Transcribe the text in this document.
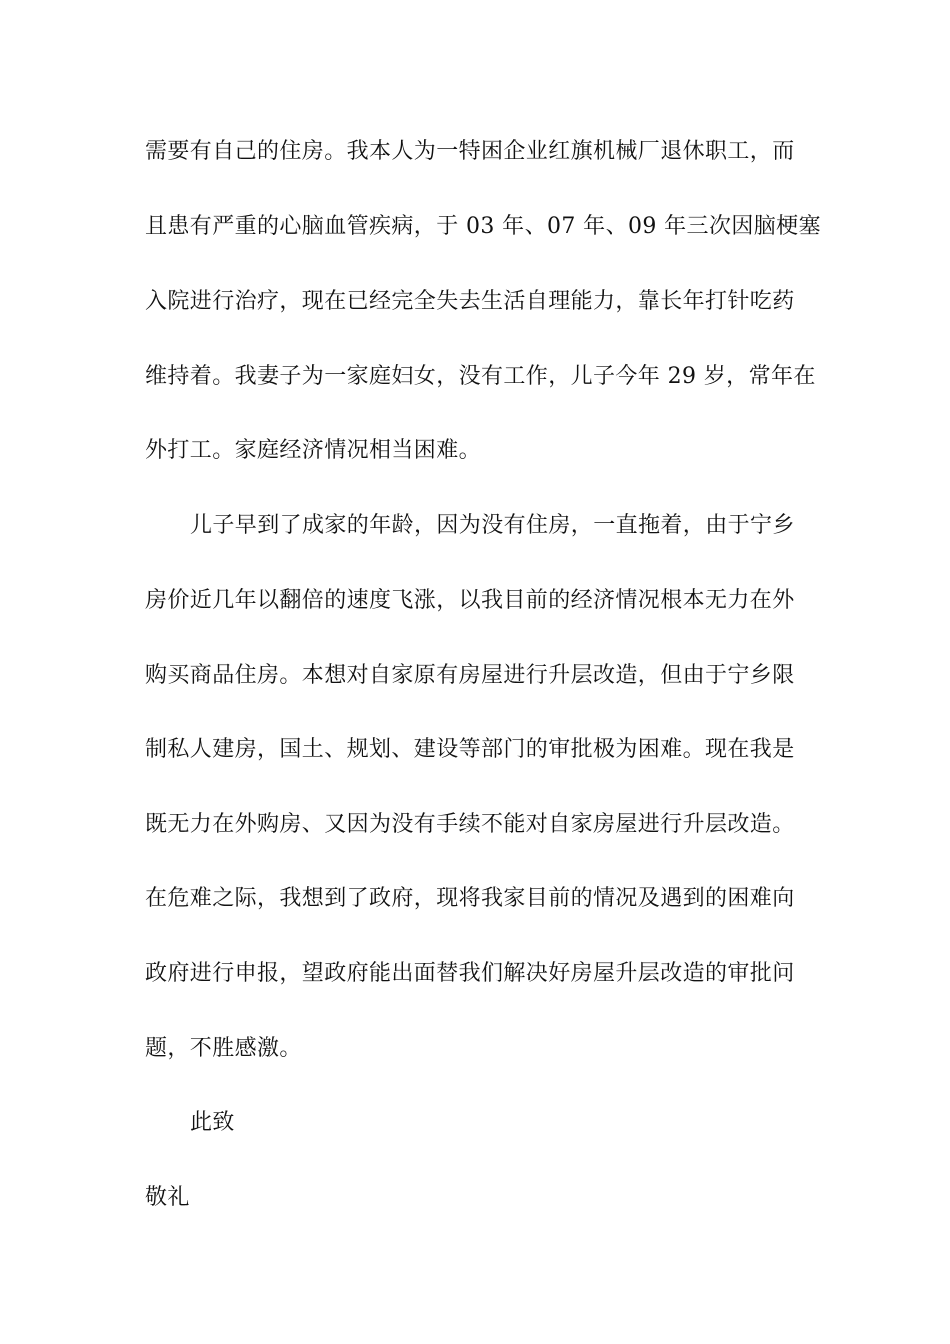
需要有自己的住房。我本人为一特困企业红旗机械厂退休职工，而
且患有严重的心脑血管疾病，于 03 年、07 年、09 年三次因脑梗塞
入院进行治疗，现在已经完全失去生活自理能力，靠长年打针吃药
维持着。我妻子为一家庭妇女，没有工作，儿子今年 29 岁，常年在
外打工。家庭经济情况相当困难。
儿子早到了成家的年龄，因为没有住房，一直拖着，由于宁乡
房价近几年以翻倍的速度飞涨，以我目前的经济情况根本无力在外
购买商品住房。本想对自家原有房屋进行升层改造，但由于宁乡限
制私人建房，国土、规划、建设等部门的审批极为困难。现在我是
既无力在外购房、又因为没有手续不能对自家房屋进行升层改造。
在危难之际，我想到了政府，现将我家目前的情况及遇到的困难向
政府进行申报，望政府能出面替我们解决好房屋升层改造的审批问
题，不胜感激。
此致
敬礼
